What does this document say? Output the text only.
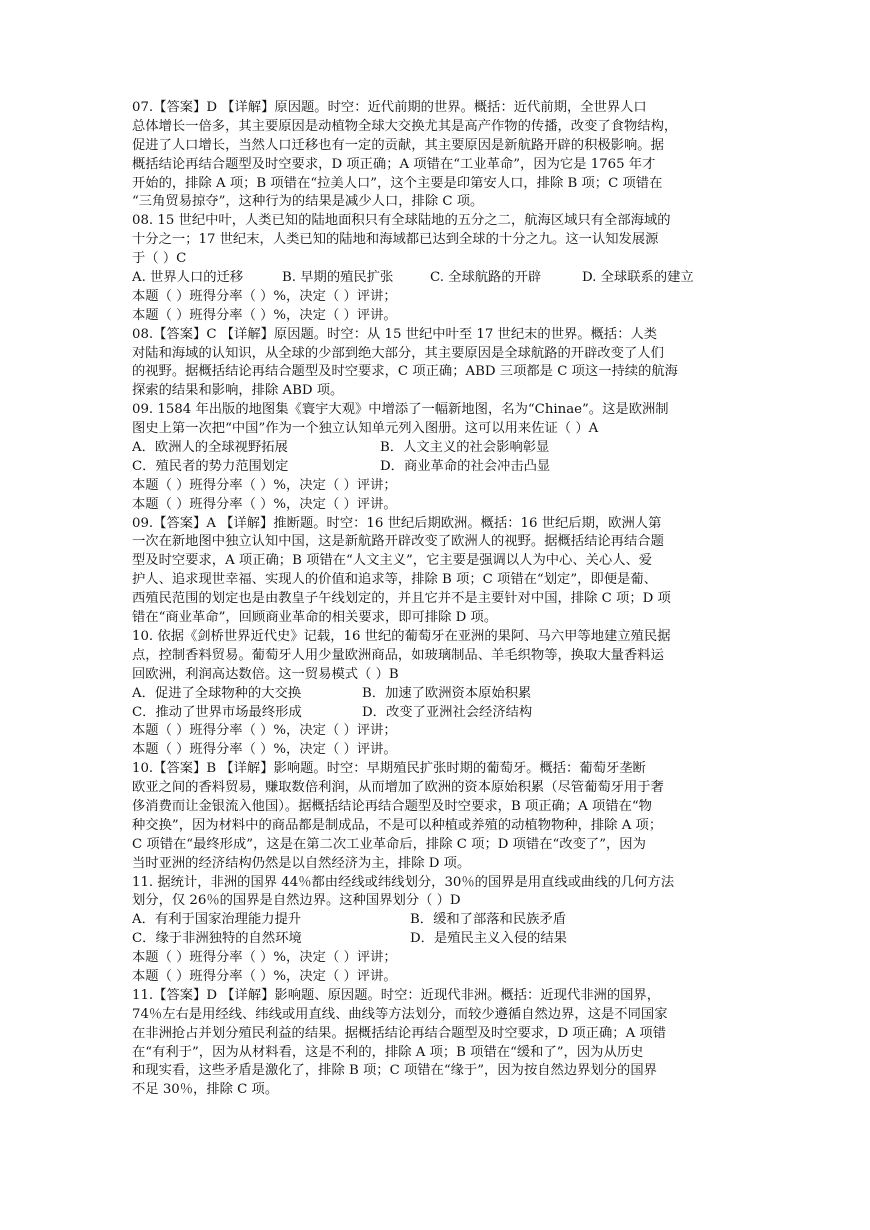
07.【答案】D 【详解】原因题。时空：近代前期的世界。概括：近代前期，全世界人口
总体增长一倍多，其主要原因是动植物全球大交换尤其是高产作物的传播，改变了食物结构，
促进了人口增长，当然人口迁移也有一定的贡献，其主要原因是新航路开辟的积极影响。据
概括结论再结合题型及时空要求，D 项正确；A 项错在“工业革命”，因为它是 1765 年才
开始的，排除 A 项；B 项错在“拉美人口”，这个主要是印第安人口，排除 B 项；C 项错在
“三角贸易掠夺”，这种行为的结果是减少人口，排除 C 项。
08. 15 世纪中叶，人类已知的陆地面积只有全球陆地的五分之二，航海区域只有全部海域的
十分之一；17 世纪末，人类已知的陆地和海域都已达到全球的十分之九。这一认知发展源
于（ ）C
A. 世界人口的迁移	B. 早期的殖民扩张	C. 全球航路的开辟	D. 全球联系的建立
本题（ ）班得分率（ ）%，决定（ ）评讲；
本题（ ）班得分率（ ）%，决定（ ）评讲。
08.【答案】C 【详解】原因题。时空：从 15 世纪中叶至 17 世纪末的世界。概括：人类
对陆和海域的认知识，从全球的少部到绝大部分，其主要原因是全球航路的开辟改变了人们
的视野。据概括结论再结合题型及时空要求，C 项正确；ABD 三项都是 C 项这一持续的航海
探索的结果和影响，排除 ABD 项。
09. 1584 年出版的地图集《寰宇大观》中增添了一幅新地图，名为“Chinae”。这是欧洲制
图史上第一次把“中国”作为一个独立认知单元列入图册。这可以用来佐证（ ）A
A．欧洲人的全球视野拓展	B．人文主义的社会影响彰显
C．殖民者的势力范围划定	D．商业革命的社会冲击凸显
本题（ ）班得分率（ ）%，决定（ ）评讲；
本题（ ）班得分率（ ）%，决定（ ）评讲。
09.【答案】A 【详解】推断题。时空：16 世纪后期欧洲。概括：16 世纪后期，欧洲人第
一次在新地图中独立认知中国，这是新航路开辟改变了欧洲人的视野。据概括结论再结合题
型及时空要求，A 项正确；B 项错在“人文主义”，它主要是强调以人为中心、关心人、爱
护人、追求现世幸福、实现人的价值和追求等，排除 B 项；C 项错在“划定”，即便是葡、
西殖民范围的划定也是由教皇子午线划定的，并且它并不是主要针对中国，排除 C 项；D 项
错在“商业革命”，回顾商业革命的相关要求，即可排除 D 项。
10. 依据《剑桥世界近代史》记载，16 世纪的葡萄牙在亚洲的果阿、马六甲等地建立殖民据
点，控制香料贸易。葡萄牙人用少量欧洲商品，如玻璃制品、羊毛织物等，换取大量香料运
回欧洲，利润高达数倍。这一贸易模式（ ）B
A．促进了全球物种的大交换	B．加速了欧洲资本原始积累
C．推动了世界市场最终形成	D．改变了亚洲社会经济结构
本题（ ）班得分率（ ）%，决定（ ）评讲；
本题（ ）班得分率（ ）%，决定（ ）评讲。
10.【答案】B 【详解】影响题。时空：早期殖民扩张时期的葡萄牙。概括：葡萄牙垄断
欧亚之间的香料贸易，赚取数倍利润，从而增加了欧洲的资本原始积累（尽管葡萄牙用于奢
侈消费而让金银流入他国）。据概括结论再结合题型及时空要求，B 项正确；A 项错在“物
种交换”，因为材料中的商品都是制成品，不是可以种植或养殖的动植物物种，排除 A 项；
C 项错在“最终形成”，这是在第二次工业革命后，排除 C 项；D 项错在“改变了”，因为
当时亚洲的经济结构仍然是以自然经济为主，排除 D 项。
11. 据统计，非洲的国界 44％都由经线或纬线划分，30％的国界是用直线或曲线的几何方法
划分，仅 26％的国界是自然边界。这种国界划分（ ）D
A．有利于国家治理能力提升	B．缓和了部落和民族矛盾
C．缘于非洲独特的自然环境	D．是殖民主义入侵的结果
本题（ ）班得分率（ ）%，决定（ ）评讲；
本题（ ）班得分率（ ）%，决定（ ）评讲。
11.【答案】D 【详解】影响题、原因题。时空：近现代非洲。概括：近现代非洲的国界，
74％左右是用经线、纬线或用直线、曲线等方法划分，而较少遵循自然边界，这是不同国家
在非洲抢占并划分殖民利益的结果。据概括结论再结合题型及时空要求，D 项正确；A 项错
在“有利于”，因为从材料看，这是不利的，排除 A 项；B 项错在“缓和了”，因为从历史
和现实看，这些矛盾是激化了，排除 B 项；C 项错在“缘于”，因为按自然边界划分的国界
不足 30％，排除 C 项。
